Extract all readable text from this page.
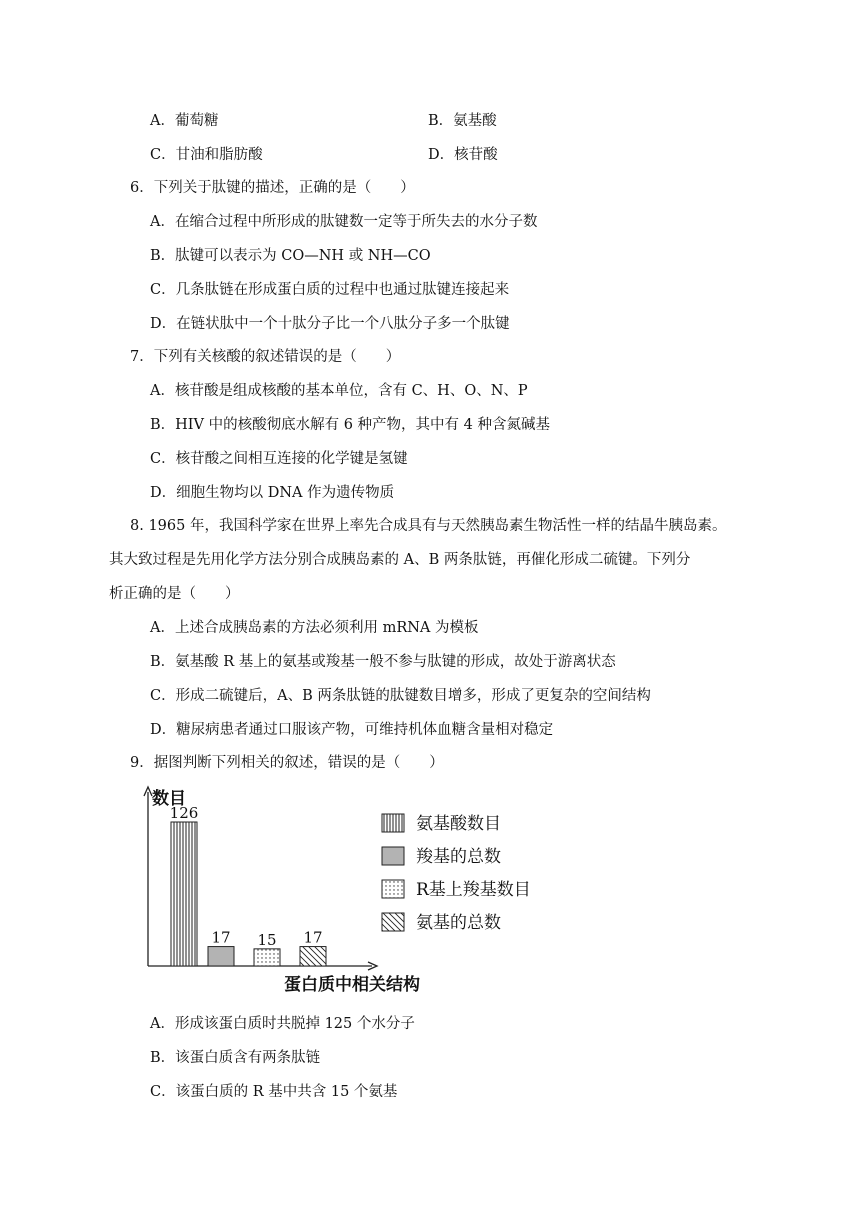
A．葡萄糖	B．氨基酸
C．甘油和脂肪酸	D．核苷酸
6．下列关于肽键的描述，正确的是（　　）
A．在缩合过程中所形成的肽键数一定等于所失去的水分子数
B．肽键可以表示为 CO—NH 或 NH—CO
C．几条肽链在形成蛋白质的过程中也通过肽键连接起来
D．在链状肽中一个十肽分子比一个八肽分子多一个肽键
7．下列有关核酸的叙述错误的是（　　）
A．核苷酸是组成核酸的基本单位，含有 C、H、O、N、P
B．HIV 中的核酸彻底水解有 6 种产物，其中有 4 种含氮碱基
C．核苷酸之间相互连接的化学键是氢键
D．细胞生物均以 DNA 作为遗传物质
8. 1965 年，我国科学家在世界上率先合成具有与天然胰岛素生物活性一样的结晶牛胰岛素。
其大致过程是先用化学方法分别合成胰岛素的 A、B 两条肽链，再催化形成二硫键。下列分
析正确的是（　　）
A．上述合成胰岛素的方法必须利用 mRNA 为模板
B．氨基酸 R 基上的氨基或羧基一般不参与肽键的形成，故处于游离状态
C．形成二硫键后，A、B 两条肽链的肽键数目增多，形成了更复杂的空间结构
D．糖尿病患者通过口服该产物，可维持机体血糖含量相对稳定
9．据图判断下列相关的叙述，错误的是（　　）
数目
蛋白质中相关结构
126
17 15 17
氨基酸数目
羧基的总数
R基上羧基数目
氨基的总数
A．形成该蛋白质时共脱掉 125 个水分子
B．该蛋白质含有两条肽链
C．该蛋白质的 R 基中共含 15 个氨基
